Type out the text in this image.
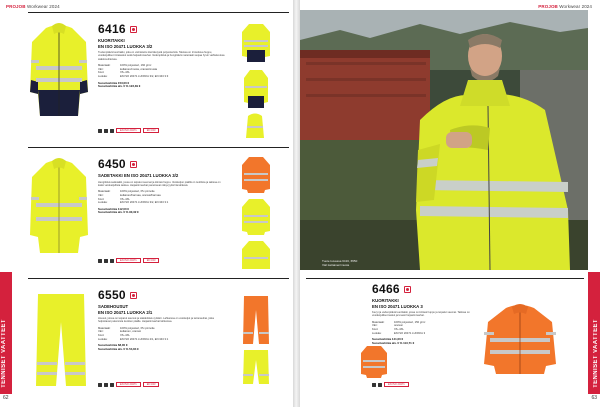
PROJOB Workwear 2024
6416
KUORITAKKI
EN ISO 20471 LUOKKA 3/2
Tuulenpitävä kuoritakki, joka on valmistettu kierrätetystä polyesteristä. Takissa on irrotettava huppu, vetoketjulliset rintataskut sekä heijastinnauhat. Vedenpitävä ja hengittävä materiaali suojaa hyvin vaihtelevissa sääolosuhteissa.
Materiaali:	100% polyesteri, 160 g/m²
Väri:	keltainen/musta, oranssi/musta
Koot:	XS–4XL
Luokka:	EN ISO 20471 LUOKKA 3/2, EN 343 3:3
Suositushinta 153,00 €
Suositushinta alv. 0 % 123,39 €
EN ISO 20471	EN 343
6450
SADETAKKI EN ISO 20471 LUOKKA 3/2
Hengittävä sadetakki, jossa on teipatut saumat ja kiinteä huppu. Vetoketjun päällä on tuulilista ja takissa on kaksi vetoketjullista taskua. Heijastinnauhat parantavat näkyvyyttä hämärässä.
Materiaali:	100% polyesteri, PU-pinnoite
Väri:	keltainen/harmaa, oranssi/harmaa
Koot:	XS–4XL
Luokka:	EN ISO 20471 LUOKKA 3/2, EN 343 3:1
Suositushinta 112,00 €
Suositushinta alv. 0 % 90,32 €
EN ISO 20471	EN 343
6550
SADEHOUSUT
EN ISO 20471 LUOKKA 2/1
Housut, joissa on teipatut saumat ja säädettävä vyötärö. Lahkeissa on vetoketjut ja tarranauhat, jotka helpottavat pukemista kenkien päälle. Heijastinnauhat lahkeissa.
Materiaali:	100% polyesteri, PU-pinnoite
Väri:	keltainen, oranssi
Koot:	XS–4XL
Luokka:	EN ISO 20471 LUOKKA 2/1, EN 343 3:1
Suositushinta 68,00 €
Suositushinta alv. 0 % 54,84 €
EN ISO 20471	EN 343
TENNISET VAATTEET
62
PROJOB Workwear 2024
Tuote kuvassa 6416, 6550
Väri keltainen/musta
TENNISET VAATTEET
63
6466
KUORITAKKI
EN ISO 20471 LUOKKA 3
Kevyt ja vedenpitävä kuoritakki, jossa on kiinteä huppu ja teipatut saumat. Takissa on vetoketjulliset taskut ja leveät heijastinnauhat.
Materiaali:	100% polyesteri, 150 g/m²
Väri:	oranssi
Koot:	XS–4XL
Luokka:	EN ISO 20471 LUOKKA 3
Suositushinta 141,00 €
Suositushinta alv. 0 % 113,71 €
EN ISO 20471
